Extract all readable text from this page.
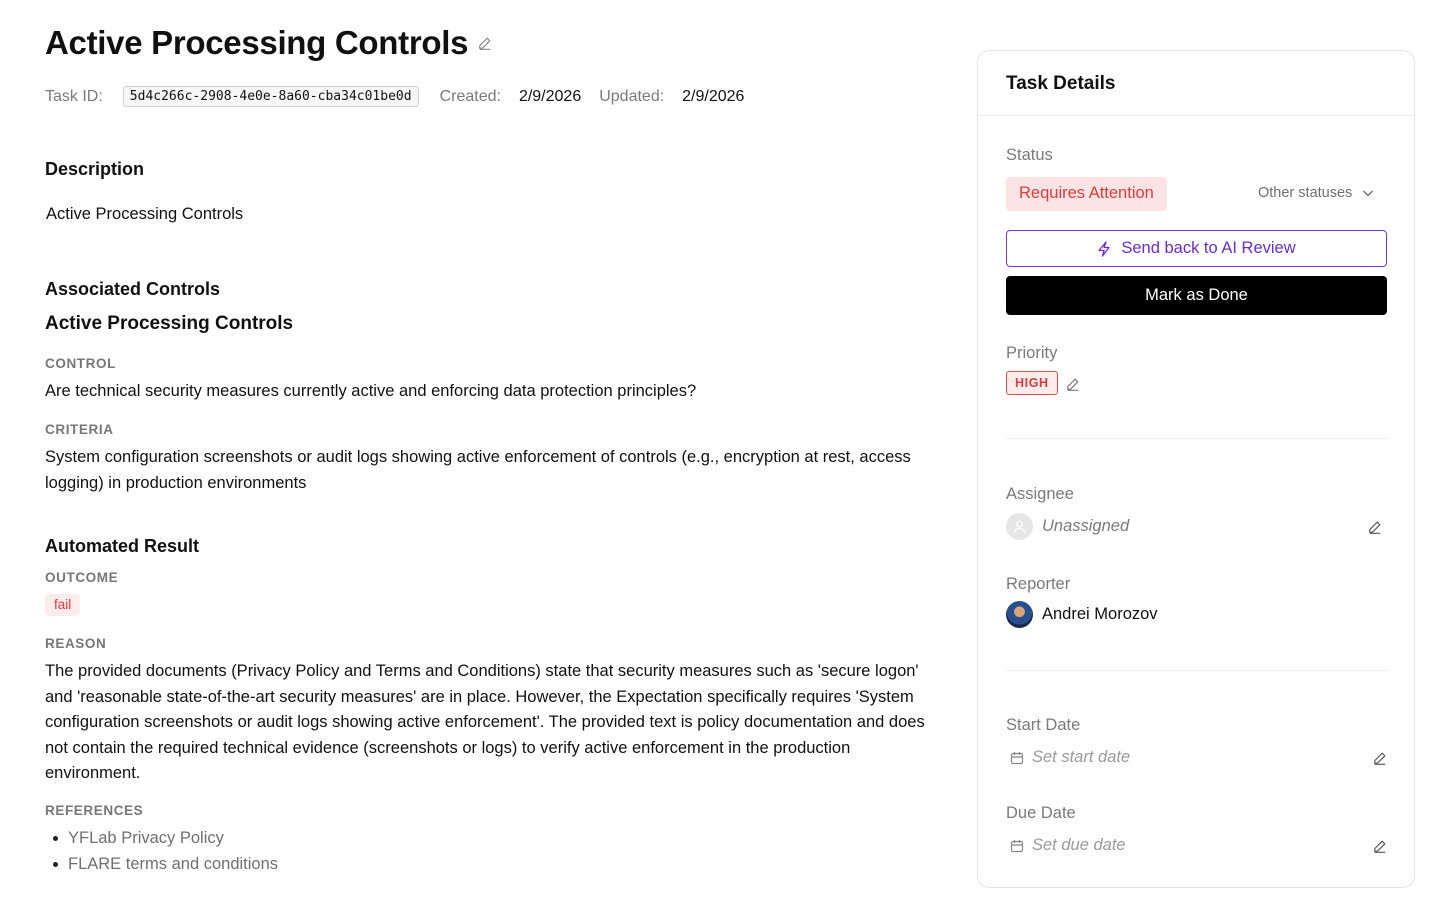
Active Processing Controls
Task ID:	5d4c266c-2908-4e0e-8a60-cba34c01be0d	Created: 2/9/2026 Updated: 2/9/2026
Description
Active Processing Controls
Associated Controls
Active Processing Controls
CONTROL
Are technical security measures currently active and enforcing data protection principles?
CRITERIA
System configuration screenshots or audit logs showing active enforcement of controls (e.g., encryption at rest, access logging) in production environments
Automated Result
OUTCOME
fail
REASON
The provided documents (Privacy Policy and Terms and Conditions) state that security measures such as 'secure logon' and 'reasonable state-of-the-art security measures' are in place. However, the Expectation specifically requires 'System configuration screenshots or audit logs showing active enforcement'. The provided text is policy documentation and does not contain the required technical evidence (screenshots or logs) to verify active enforcement in the production environment.
REFERENCES
YFLab Privacy Policy
FLARE terms and conditions
Task Details
Status
Requires Attention	Other statuses
Send back to AI Review
Mark as Done
Priority
HIGH
Assignee
Unassigned
Reporter
Andrei Morozov
Start Date
Set start date
Due Date
Set due date
